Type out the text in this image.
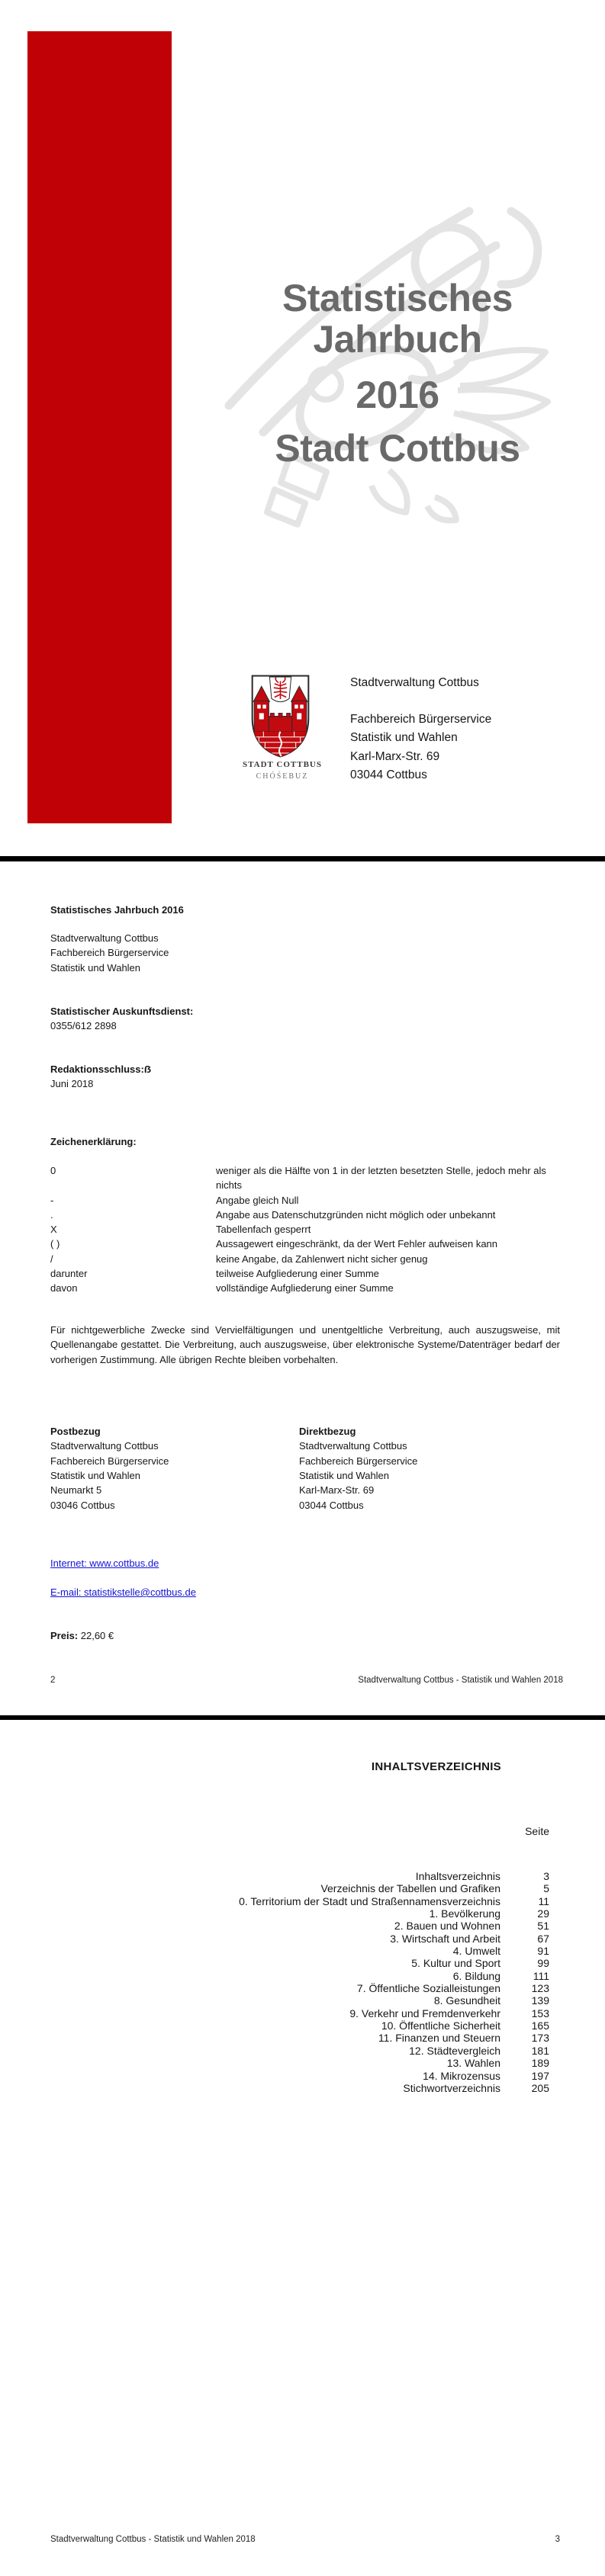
Statistisches
Jahrbuch
2016
Stadt Cottbus
STADT COTTBUS
CHÓŚEBUZ
Stadtverwaltung Cottbus
Fachbereich Bürgerservice
Statistik und Wahlen
Karl-Marx-Str. 69
03044 Cottbus
Statistisches Jahrbuch 2016
Stadtverwaltung Cottbus
Fachbereich Bürgerservice
Statistik und Wahlen
Statistischer Auskunftsdienst:
0355/612 2898
Redaktionsschluss:ẞ
Juni 2018
Zeichenerklärung:
0	weniger als die Hälfte von 1 in der letzten besetzten Stelle, jedoch mehr als nichts
-	Angabe gleich Null
.	Angabe aus Datenschutzgründen nicht möglich oder unbekannt
X	Tabellenfach gesperrt
( )	Aussagewert eingeschränkt, da der Wert Fehler aufweisen kann
/	keine Angabe, da Zahlenwert nicht sicher genug
darunter	teilweise Aufgliederung einer Summe
davon	vollständige Aufgliederung einer Summe
Für nichtgewerbliche Zwecke sind Vervielfältigungen und unentgeltliche Verbreitung, auch auszugsweise, mit Quellenangabe gestattet. Die Verbreitung, auch auszugsweise, über elektronische Systeme/Datenträger bedarf der vorherigen Zustimmung. Alle übrigen Rechte bleiben vorbehalten.
Postbezug
Stadtverwaltung Cottbus
Fachbereich Bürgerservice
Statistik und Wahlen
Neumarkt 5
03046 Cottbus
Direktbezug
Stadtverwaltung Cottbus
Fachbereich Bürgerservice
Statistik und Wahlen
Karl-Marx-Str. 69
03044 Cottbus
Internet: www.cottbus.de
E-mail: statistikstelle@cottbus.de
Preis: 22,60 €
2	Stadtverwaltung Cottbus - Statistik und Wahlen 2018
INHALTSVERZEICHNIS
Seite
Inhaltsverzeichnis	3
Verzeichnis der Tabellen und Grafiken	5
0. Territorium der Stadt und Straßennamensverzeichnis	11
1. Bevölkerung	29
2. Bauen und Wohnen	51
3. Wirtschaft und Arbeit	67
4. Umwelt	91
5. Kultur und Sport	99
6. Bildung	111
7. Öffentliche Sozialleistungen	123
8. Gesundheit	139
9. Verkehr und Fremdenverkehr	153
10. Öffentliche Sicherheit	165
11. Finanzen und Steuern	173
12. Städtevergleich	181
13. Wahlen	189
14. Mikrozensus	197
Stichwortverzeichnis	205
Stadtverwaltung Cottbus - Statistik und Wahlen 2018	3
